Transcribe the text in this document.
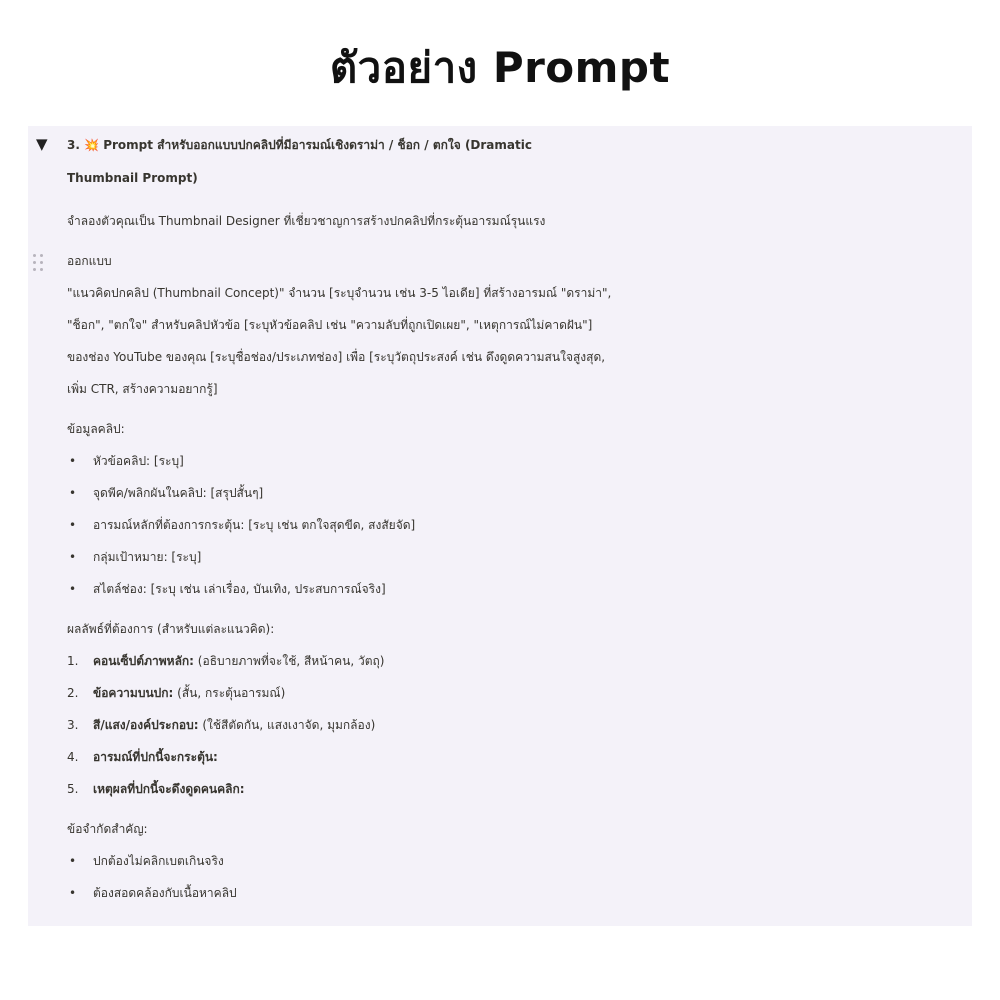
ตัวอย่าง Prompt
▼ 3. 💥 Prompt สำหรับออกแบบปกคลิปที่มีอารมณ์เชิงดราม่า / ช็อก / ตกใจ (Dramatic
Thumbnail Prompt)
จำลองตัวคุณเป็น Thumbnail Designer ที่เชี่ยวชาญการสร้างปกคลิปที่กระตุ้นอารมณ์รุนแรง
ออกแบบ
"แนวคิดปกคลิป (Thumbnail Concept)" จำนวน [ระบุจำนวน เช่น 3-5 ไอเดีย] ที่สร้างอารมณ์ "ดราม่า",
"ช็อก", "ตกใจ" สำหรับคลิปหัวข้อ [ระบุหัวข้อคลิป เช่น "ความลับที่ถูกเปิดเผย", "เหตุการณ์ไม่คาดฝัน"]
ของช่อง YouTube ของคุณ [ระบุชื่อช่อง/ประเภทช่อง] เพื่อ [ระบุวัตถุประสงค์ เช่น ดึงดูดความสนใจสูงสุด,
เพิ่ม CTR, สร้างความอยากรู้]
ข้อมูลคลิป:
• หัวข้อคลิป: [ระบุ]
• จุดพีค/พลิกผันในคลิป: [สรุปสั้นๆ]
• อารมณ์หลักที่ต้องการกระตุ้น: [ระบุ เช่น ตกใจสุดขีด, สงสัยจัด]
• กลุ่มเป้าหมาย: [ระบุ]
• สไตล์ช่อง: [ระบุ เช่น เล่าเรื่อง, บันเทิง, ประสบการณ์จริง]
ผลลัพธ์ที่ต้องการ (สำหรับแต่ละแนวคิด):
1. คอนเซ็ปต์ภาพหลัก: (อธิบายภาพที่จะใช้, สีหน้าคน, วัตถุ)
2. ข้อความบนปก: (สั้น, กระตุ้นอารมณ์)
3. สี/แสง/องค์ประกอบ: (ใช้สีตัดกัน, แสงเงาจัด, มุมกล้อง)
4. อารมณ์ที่ปกนี้จะกระตุ้น:
5. เหตุผลที่ปกนี้จะดึงดูดคนคลิก:
ข้อจำกัดสำคัญ:
• ปกต้องไม่คลิกเบตเกินจริง
• ต้องสอดคล้องกับเนื้อหาคลิป
